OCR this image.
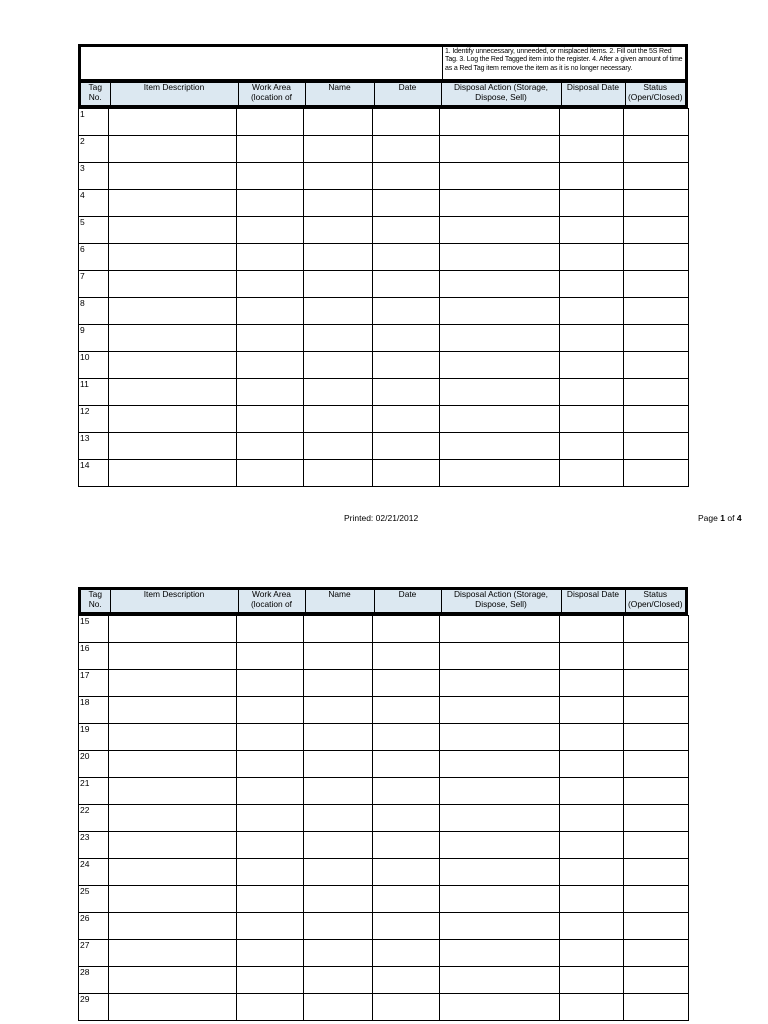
1. Identify unnecessary, unneeded, or misplaced items. 2. Fill out the 5S Red Tag. 3. Log the Red Tagged item into the register. 4. After a given amount of time as a Red Tag item remove the item as it is no longer necessary.
Tag No.	Item Description	Work Area (location of	Name	Date	Disposal Action (Storage, Dispose, Sell)	Disposal Date	Status (Open/Closed)
1							
2							
3							
4							
5							
6							
7							
8							
9							
10							
11							
12							
13							
14							
Printed: 02/21/2012	Page 1 of 4
Tag No.	Item Description	Work Area (location of	Name	Date	Disposal Action (Storage, Dispose, Sell)	Disposal Date	Status (Open/Closed)
15							
16							
17							
18							
19							
20							
21							
22							
23							
24							
25							
26							
27							
28							
29							
